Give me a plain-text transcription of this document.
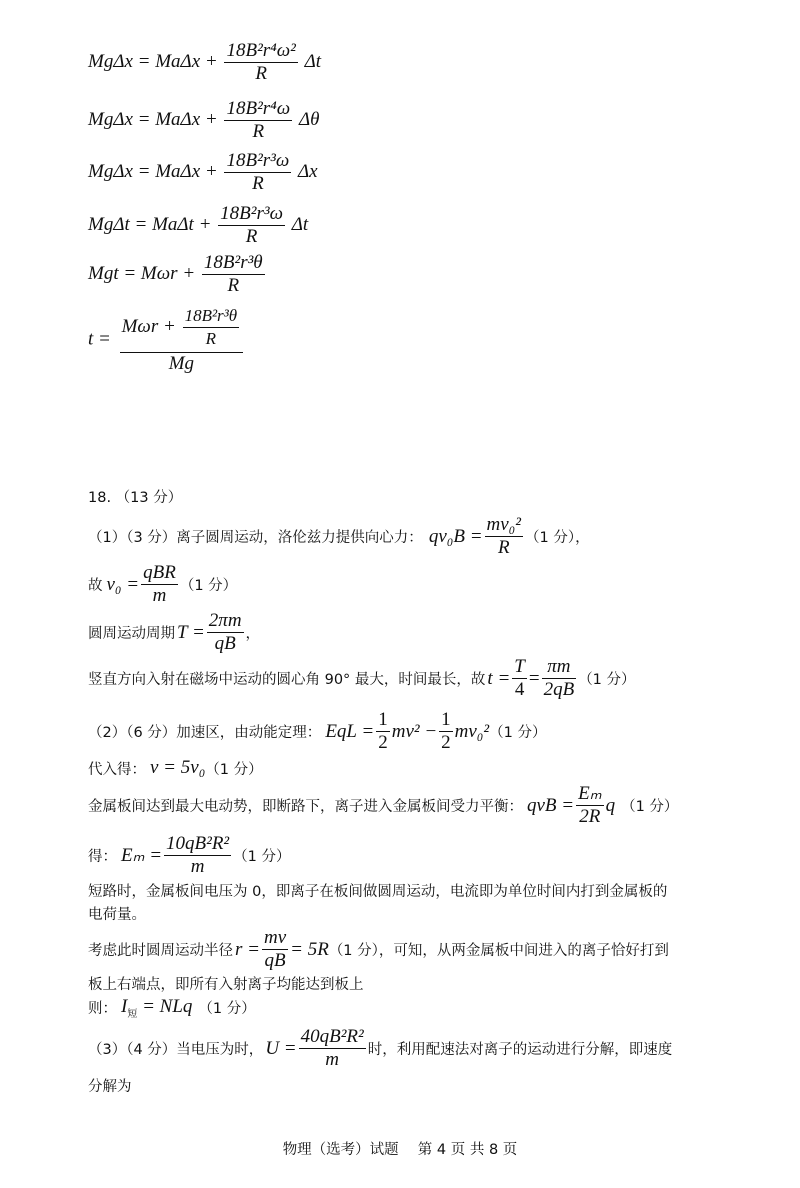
$Mg\Delta x = Ma\Delta x + \frac{\text{18B²r⁴ω²}}{R}$ Δt
$Mg\Delta x = Ma\Delta x + \frac{\text{18B²r⁴ω}}{R}$ Δθ
$Mg\Delta x = Ma\Delta x + \frac{\text{18B²r³ω}}{R}$ Δx
$Mg\Delta t = Ma\Delta t + \frac{\text{18B²r³ω}}{R}$ Δt
Mgt = $M\omega r + \frac{\text{18B²r³θ}}{R}$
$t = \frac{M\omega r + \frac{\text{18B²r³θ}}{R}}{Mg}$
18. （13 分）
（1）（3 分）离子圆周运动，洛伦兹力提供向心力： $qv_0B = \frac{\text{mv₀²}}{R} (1$ 分），
故 $v_0 = \frac{\text{qBR}}{m} (1$ 分）
圆周运动周期 $T = \frac{2\pi m}{qB}$ ，
竖直方向入射在磁场中运动的圆心角 90° 最大，时间最长，故 $t = \frac{T}{4} = \frac{\pi m}{2qB} (1$ 分）
（2）（6 分）加速区，由动能定理： EqL = $\frac{1}{2} mv^2 - \frac{1}{2} mv_0^2$ （1 分）
代入得： v = 5v₀ （1 分）
金属板间达到最大电动势，即断路下，离子进入金属板间受力平衡： qvB = $\frac{\text{Eₘ}}{2R}$ q （1 分）
得： $E_m = \frac{\text{10qB²R²}}{m} (1$ 分）
短路时，金属板间电压为 0，即离子在板间做圆周运动，电流即为单位时间内打到金属板的
电荷量。
考虑此时圆周运动半径 $r = \frac{mv}{qB} = 5R$ （1 分），可知，从两金属板中间进入的离子恰好打到
板上右端点，即所有入射离子均能达到板上
则： $I_短$ = NLq （1 分）
（3）（4 分）当电压为时， $U = \frac{\text{40qB²R²}}{m}$ 时，利用配速法对离子的运动进行分解，即速度
分解为
物理（选考）试题　 第 4 页 共 8 页
